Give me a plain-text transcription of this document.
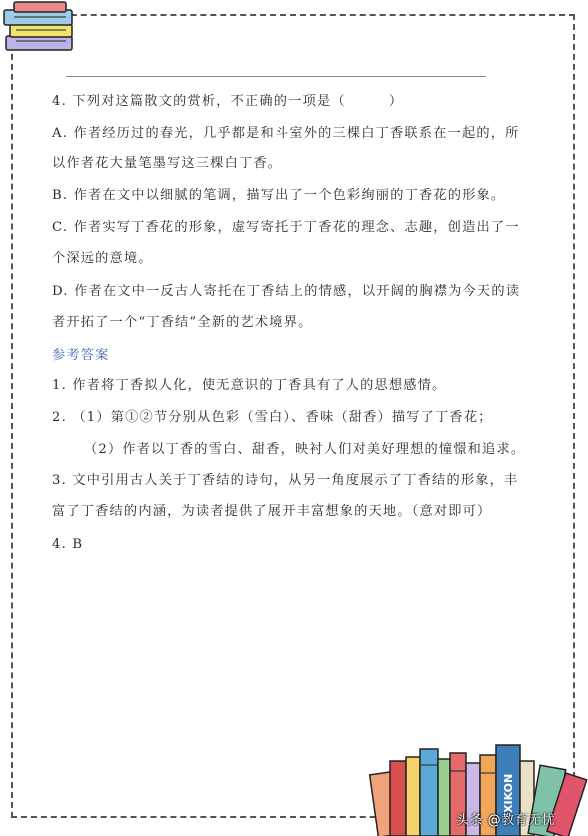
4. 下列对这篇散文的赏析，不正确的一项是（　　　）
A. 作者经历过的春光，几乎都是和斗室外的三棵白丁香联系在一起的，所
以作者花大量笔墨写这三棵白丁香。
B. 作者在文中以细腻的笔调，描写出了一个色彩绚丽的丁香花的形象。
C. 作者实写丁香花的形象，虚写寄托于丁香花的理念、志趣，创造出了一
个深远的意境。
D. 作者在文中一反古人寄托在丁香结上的情感，以开阔的胸襟为今天的读
者开拓了一个“丁香结”全新的艺术境界。
参考答案
1. 作者将丁香拟人化，使无意识的丁香具有了人的思想感情。
2. （1）第①②节分别从色彩（雪白）、香味（甜香）描写了丁香花；
（2）作者以丁香的雪白、甜香，映衬人们对美好理想的憧憬和追求。
3. 文中引用古人关于丁香结的诗句，从另一角度展示了丁香结的形象，丰
富了丁香结的内涵，为读者提供了展开丰富想象的天地。（意对即可）
4. B
XIKON
头条 @教育无忧
